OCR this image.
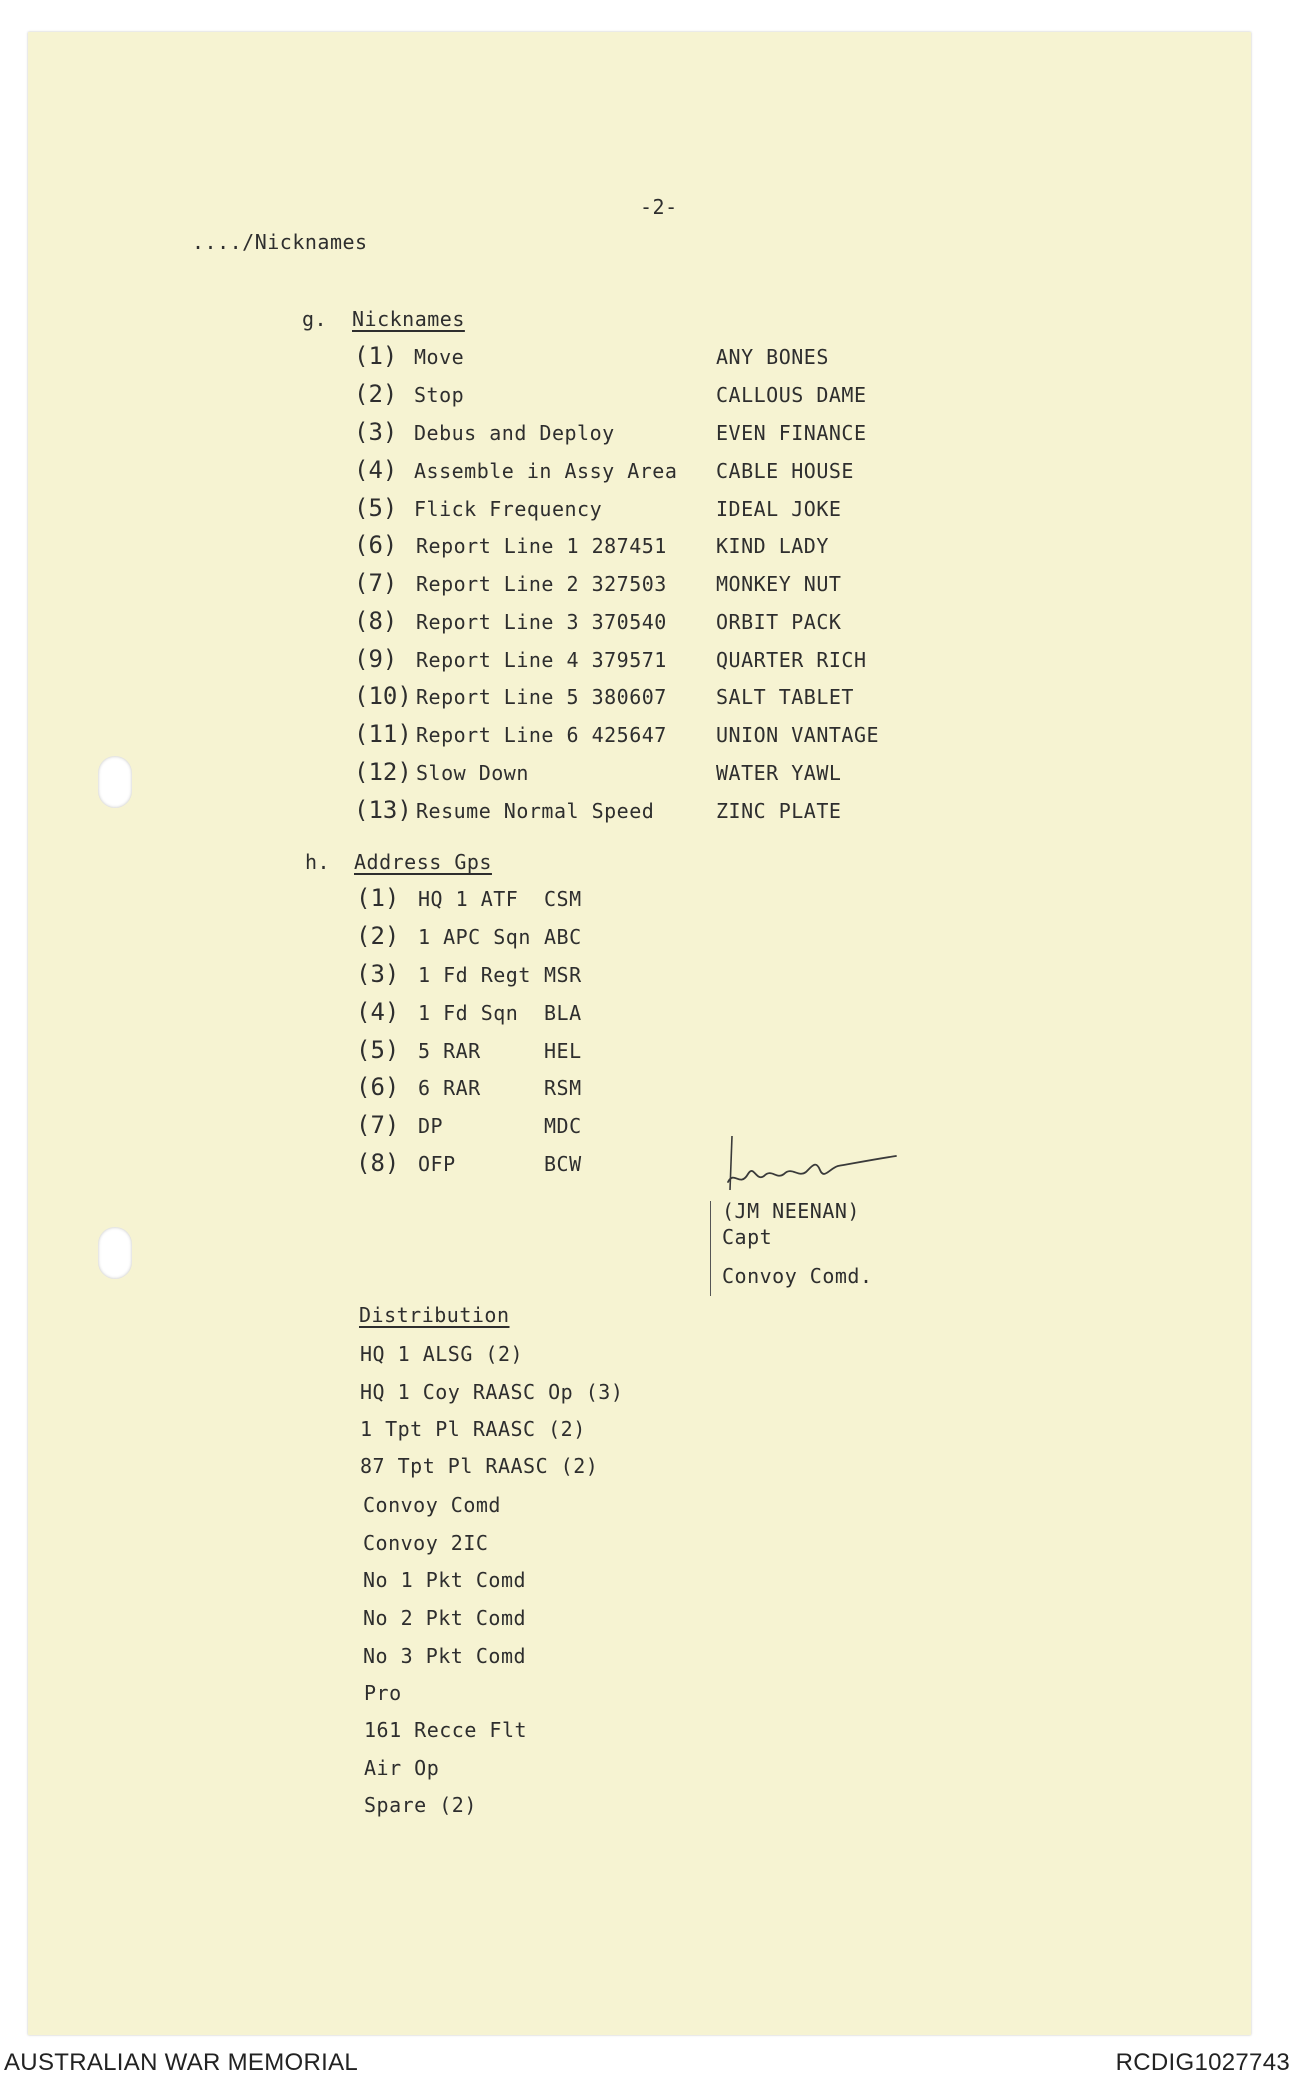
-2-
..../Nicknames
g. Nicknames
(1) Move	ANY BONES
(2) Stop	CALLOUS DAME
(3) Debus and Deploy	EVEN FINANCE
(4) Assemble in Assy Area CABLE HOUSE
(5) Flick Frequency	IDEAL JOKE
(6) Report Line 1 287451 KIND LADY
(7) Report Line 2 327503 MONKEY NUT
(8) Report Line 3 370540 ORBIT PACK
(9) Report Line 4 379571 QUARTER RICH
(10) Report Line 5 380607 SALT TABLET
(11) Report Line 6 425647 UNION VANTAGE
(12) Slow Down	WATER YAWL
(13) Resume Normal Speed	ZINC PLATE
h. Address Gps
(1) HQ 1 ATF CSM
(2) 1 APC Sqn ABC
(3) 1 Fd Regt MSR
(4) 1 Fd Sqn BLA
(5) 5 RAR	HEL
(6) 6 RAR	RSM
(7) DP	MDC
(8) OFP	BCW
(JM NEENAN)
Capt
Convoy Comd.
Distribution
HQ 1 ALSG (2)
HQ 1 Coy RAASC Op (3)
1 Tpt Pl RAASC (2)
87 Tpt Pl RAASC (2)
Convoy Comd
Convoy 2IC
No 1 Pkt Comd
No 2 Pkt Comd
No 3 Pkt Comd
Pro
161 Recce Flt
Air Op
Spare (2)
AUSTRALIAN WAR MEMORIAL	RCDIG1027743
